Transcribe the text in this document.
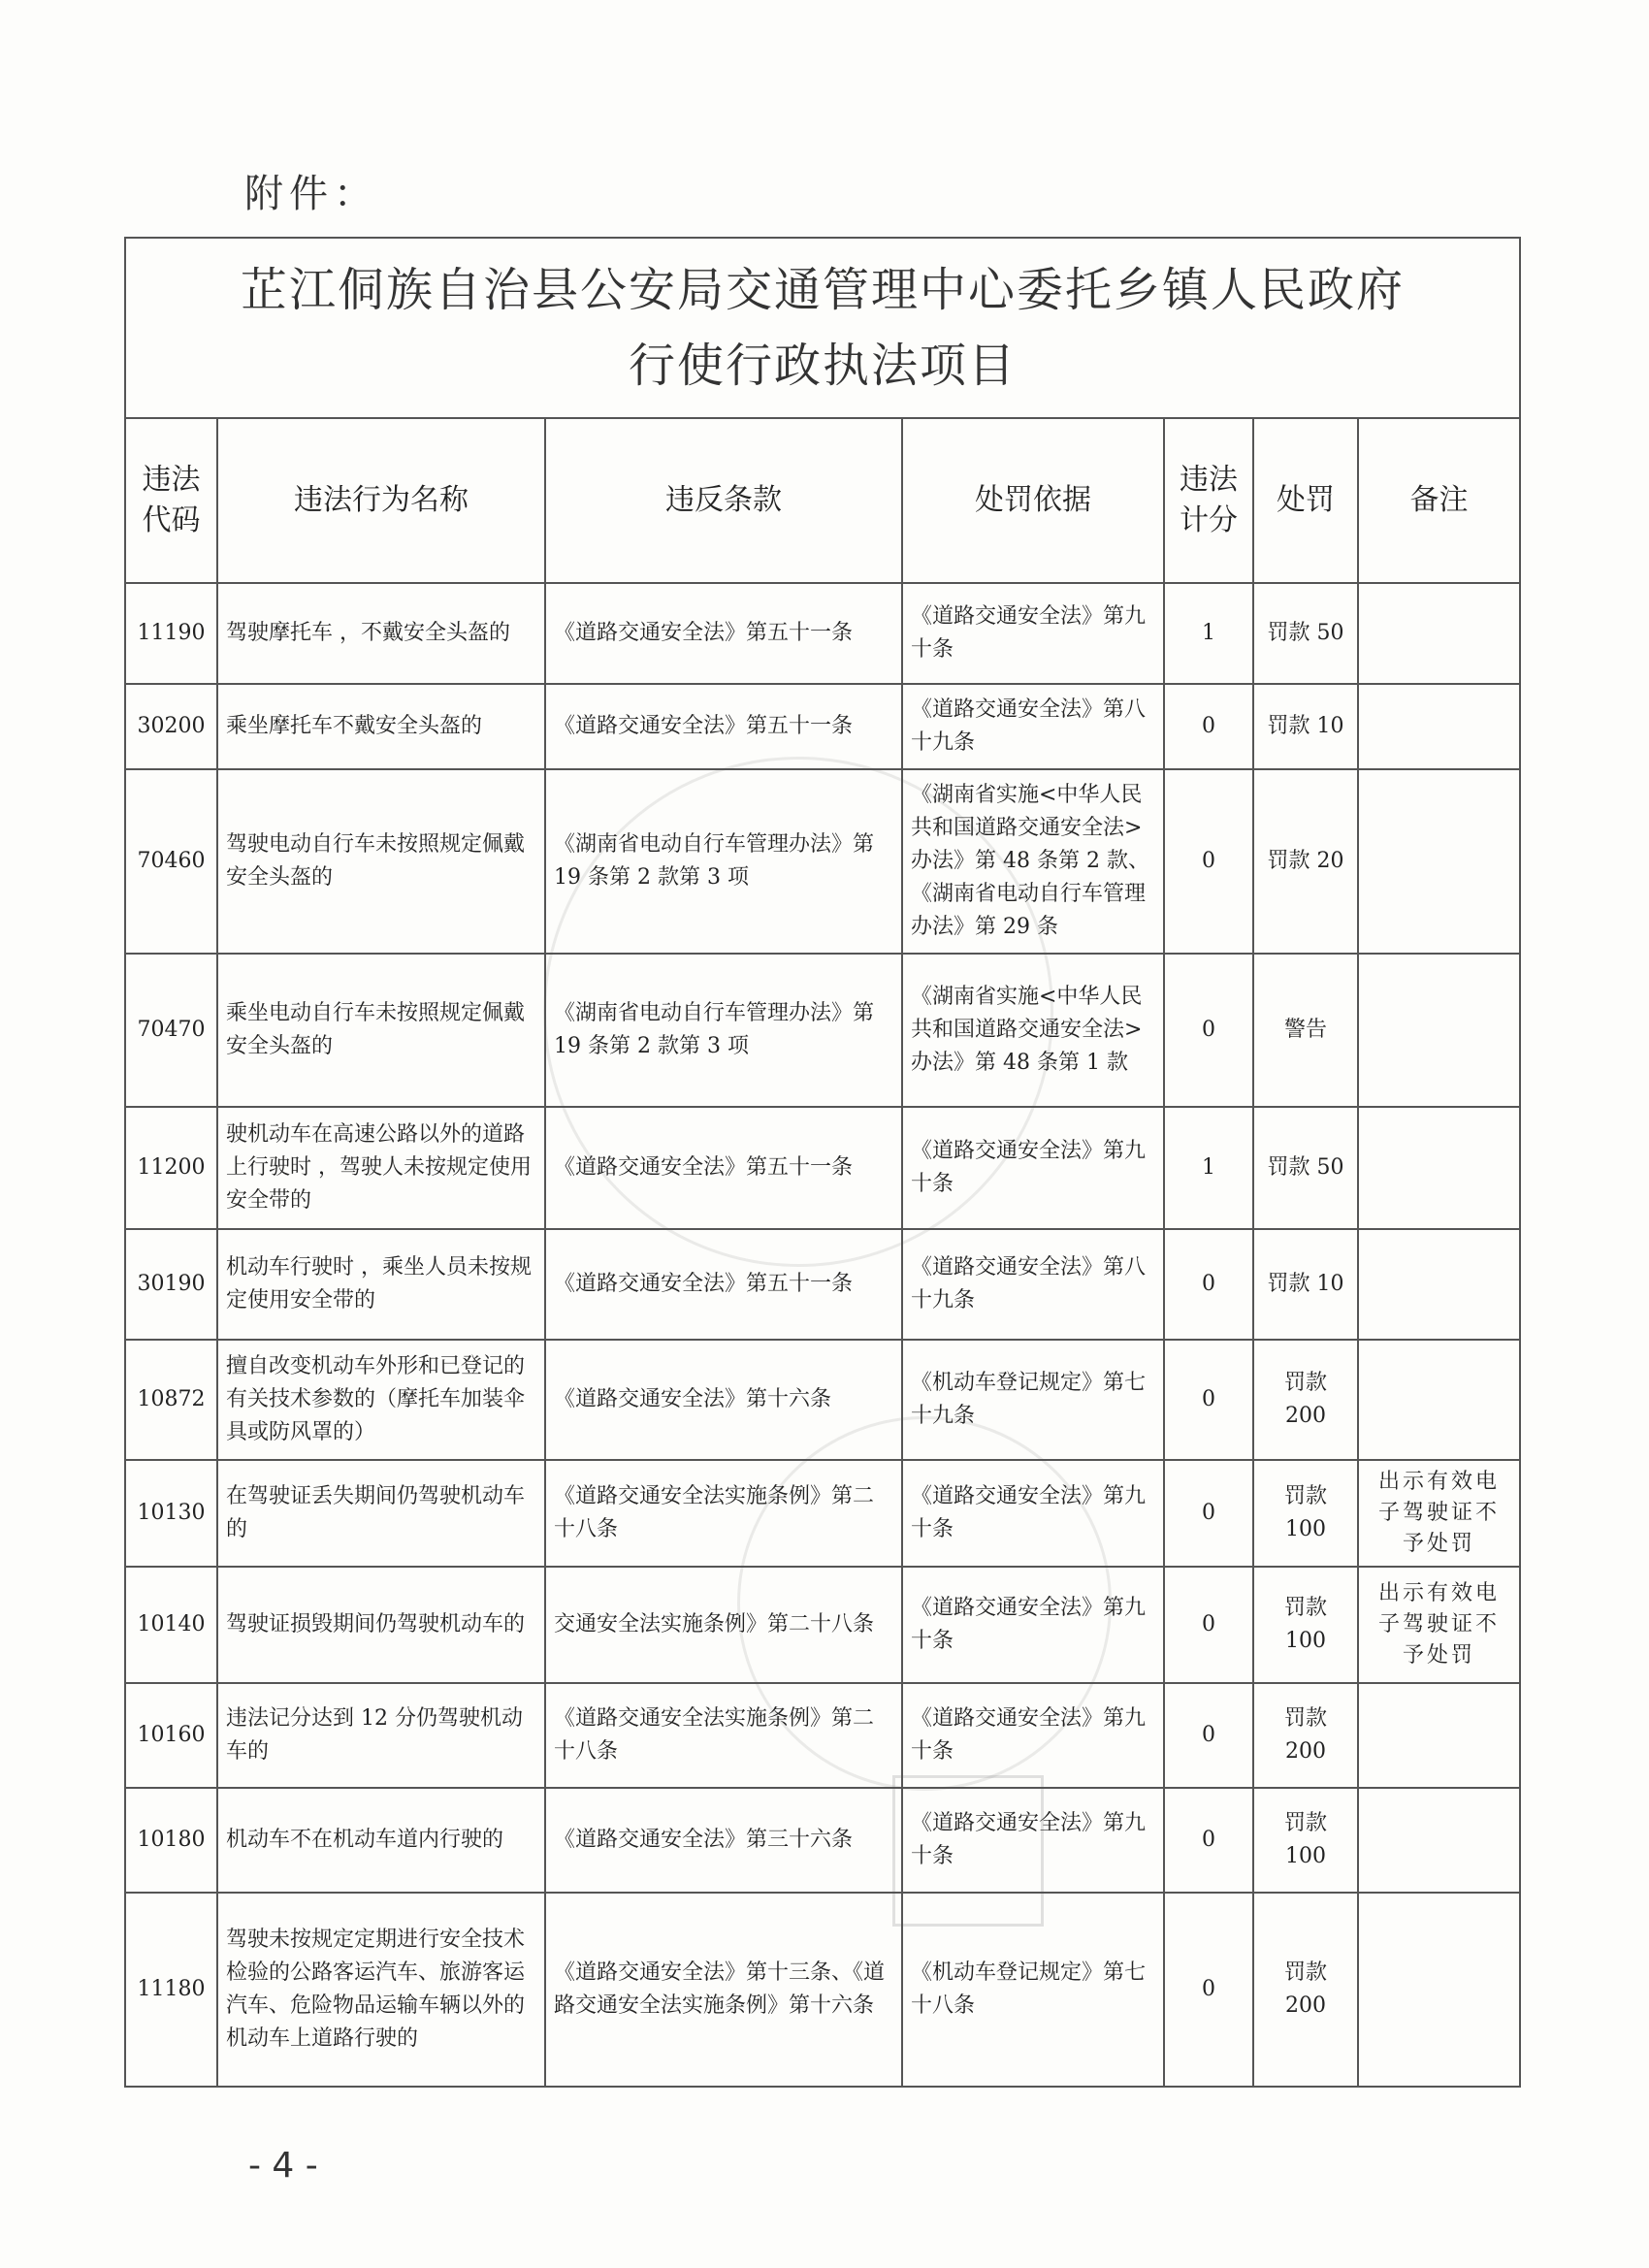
附件：
芷江侗族自治县公安局交通管理中心委托乡镇人民政府
行使行政执法项目						

违法代码	违法行为名称	违反条款	处罚依据	违法计分	处罚	备注
11190	驾驶摩托车 ，不戴安全头盔的	《道路交通安全法》第五十一条	《道路交通安全法》第九十条	1	罚款 50	
30200	乘坐摩托车不戴安全头盔的	《道路交通安全法》第五十一条	《道路交通安全法》第八十九条	0	罚款 10	
70460	驾驶电动自行车未按照规定佩戴安全头盔的	《湖南省电动自行车管理办法》第 19 条第 2 款第 3 项	《湖南省实施<中华人民共和国道路交通安全法>办法》第 48 条第 2 款、《湖南省电动自行车管理办法》第 29 条	0	罚款 20	
70470	乘坐电动自行车未按照规定佩戴安全头盔的	《湖南省电动自行车管理办法》第 19 条第 2 款第 3 项	《湖南省实施<中华人民共和国道路交通安全法>办法》第 48 条第 1 款	0	警告	
11200	驶机动车在高速公路以外的道路上行驶时 ，驾驶人未按规定使用安全带的	《道路交通安全法》第五十一条	《道路交通安全法》第九十条	1	罚款 50	
30190	机动车行驶时 ，乘坐人员未按规定使用安全带的	《道路交通安全法》第五十一条	《道路交通安全法》第八十九条	0	罚款 10	
10872	擅自改变机动车外形和已登记的有关技术参数的（摩托车加装伞具或防风罩的）	《道路交通安全法》第十六条	《机动车登记规定》第七十九条	0	罚款 200	
10130	在驾驶证丢失期间仍驾驶机动车的	《道路交通安全法实施条例》第二十八条	《道路交通安全法》第九十条	0	罚款 100	出示有效电子驾驶证不予处罚
10140	驾驶证损毁期间仍驾驶机动车的	交通安全法实施条例》第二十八条	《道路交通安全法》第九十条	0	罚款 100	出示有效电子驾驶证不予处罚
10160	违法记分达到 12 分仍驾驶机动车的	《道路交通安全法实施条例》第二十八条	《道路交通安全法》第九十条	0	罚款 200	
10180	机动车不在机动车道内行驶的	《道路交通安全法》第三十六条	《道路交通安全法》第九十条	0	罚款 100	
11180	驾驶未按规定定期进行安全技术检验的公路客运汽车、旅游客运汽车、危险物品运输车辆以外的机动车上道路行驶的	《道路交通安全法》第十三条、《道路交通安全法实施条例》第十六条	《机动车登记规定》第七十八条	0	罚款 200	
- 4 -
